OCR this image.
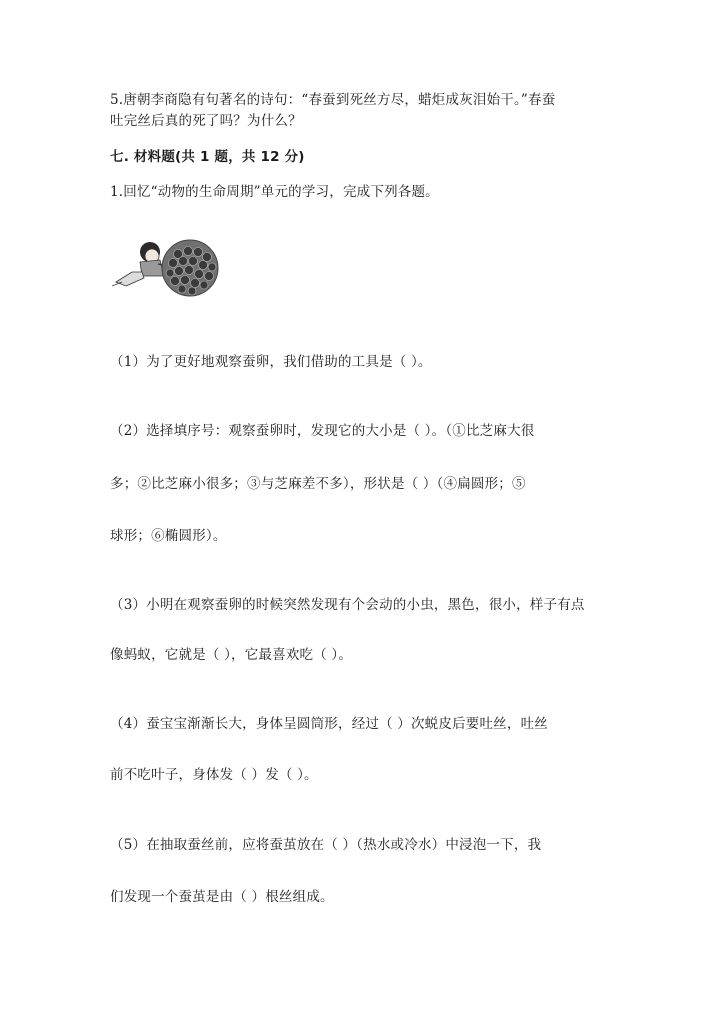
5.唐朝李商隐有句著名的诗句：“春蚕到死丝方尽，蜡炬成灰泪始干。”春蚕
吐完丝后真的死了吗？为什么？
七. 材料题(共 1 题，共 12 分)
1.回忆“动物的生命周期”单元的学习，完成下列各题。
（1）为了更好地观察蚕卵，我们借助的工具是（ ）。
（2）选择填序号：观察蚕卵时，发现它的大小是（ ）。（①比芝麻大很
多；②比芝麻小很多；③与芝麻差不多），形状是（ ）（④扁圆形；⑤
球形；⑥椭圆形）。
（3）小明在观察蚕卵的时候突然发现有个会动的小虫，黑色，很小，样子有点
像蚂蚁，它就是（ ），它最喜欢吃（ ）。
（4）蚕宝宝渐渐长大，身体呈圆筒形，经过（ ）次蜕皮后要吐丝，吐丝
前不吃叶子，身体发（ ）发（ ）。
（5）在抽取蚕丝前，应将蚕茧放在（ ）（热水或冷水）中浸泡一下，我
们发现一个蚕茧是由（ ）根丝组成。
